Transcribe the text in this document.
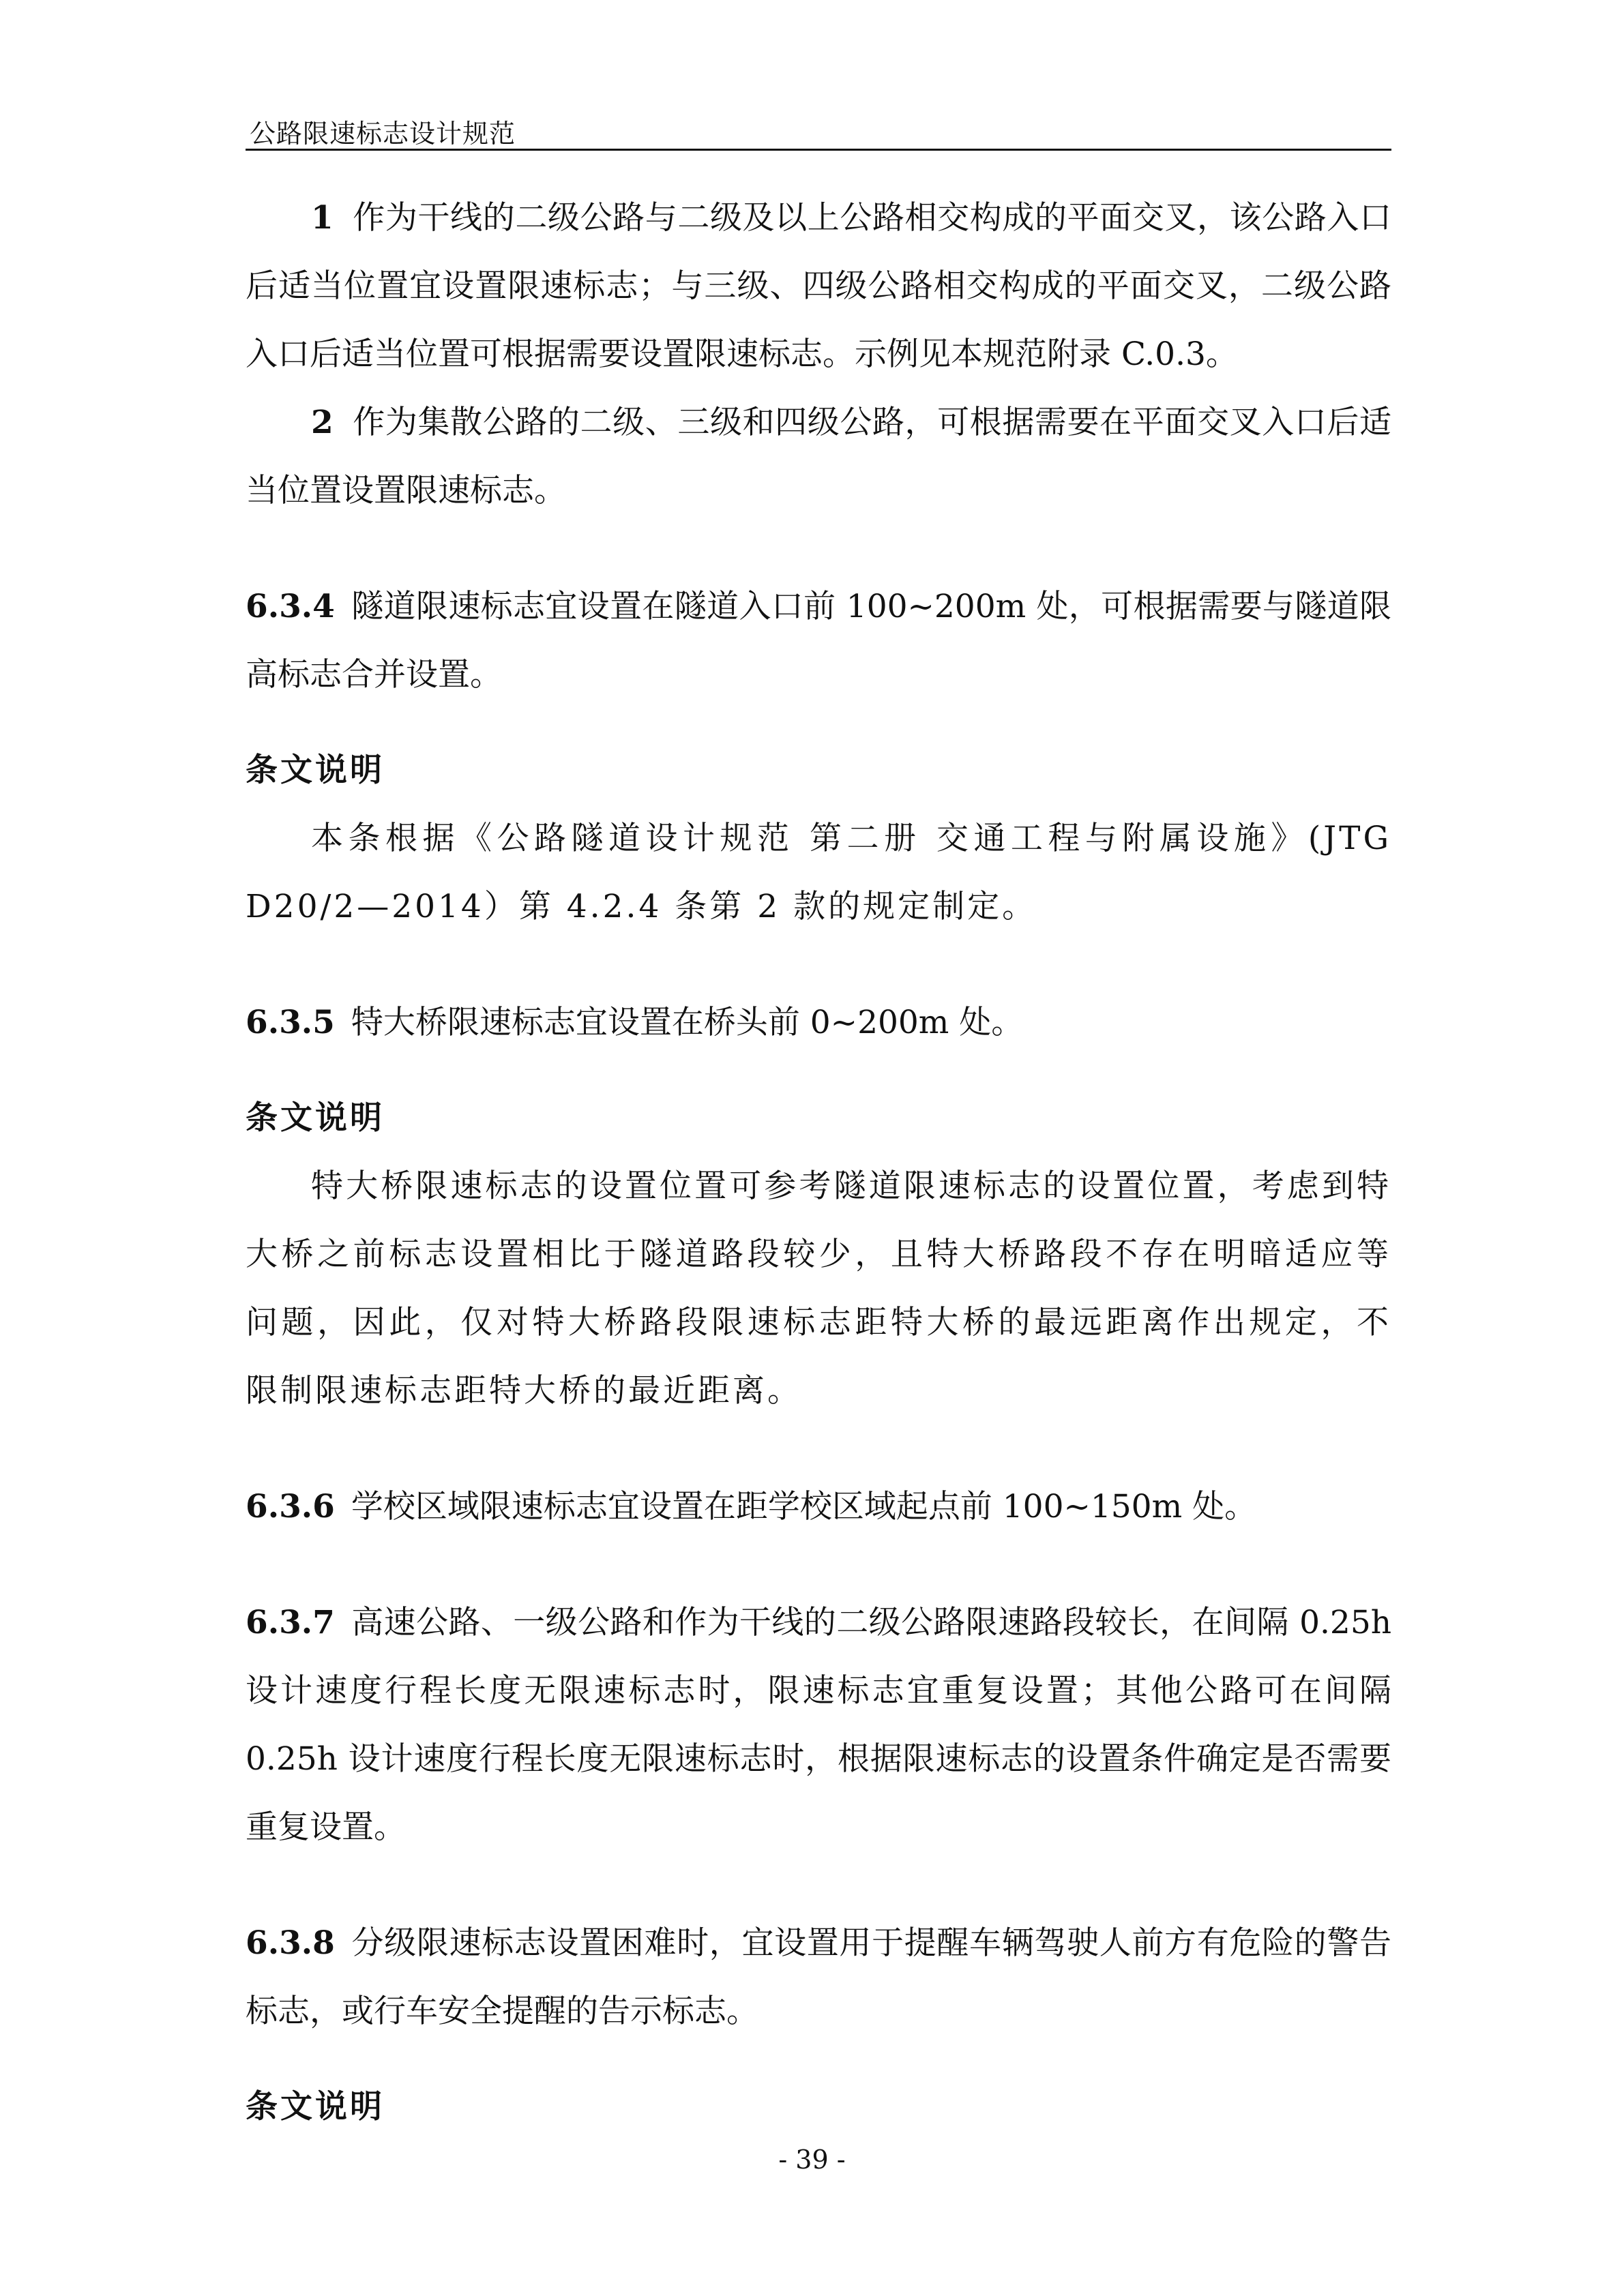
公路限速标志设计规范

1 作为干线的二级公路与二级及以上公路相交构成的平面交叉，该公路入口后适当位置宜设置限速标志；与三级、四级公路相交构成的平面交叉，二级公路入口后适当位置可根据需要设置限速标志。示例见本规范附录 C.0.3。

2 作为集散公路的二级、三级和四级公路，可根据需要在平面交叉入口后适当位置设置限速标志。

6.3.4 隧道限速标志宜设置在隧道入口前 100~200m 处，可根据需要与隧道限高标志合并设置。

条文说明

本条根据《公路隧道设计规范 第二册 交通工程与附属设施》(JTG D20/2—2014）第 4.2.4 条第 2 款的规定制定。

6.3.5 特大桥限速标志宜设置在桥头前 0~200m 处。

条文说明

特大桥限速标志的设置位置可参考隧道限速标志的设置位置，考虑到特大桥之前标志设置相比于隧道路段较少，且特大桥路段不存在明暗适应等问题，因此，仅对特大桥路段限速标志距特大桥的最远距离作出规定，不限制限速标志距特大桥的最近距离。

6.3.6 学校区域限速标志宜设置在距学校区域起点前 100~150m 处。

6.3.7 高速公路、一级公路和作为干线的二级公路限速路段较长，在间隔 0.25h 设计速度行程长度无限速标志时，限速标志宜重复设置；其他公路可在间隔 0.25h 设计速度行程长度无限速标志时，根据限速标志的设置条件确定是否需要重复设置。

6.3.8 分级限速标志设置困难时，宜设置用于提醒车辆驾驶人前方有危险的警告标志，或行车安全提醒的告示标志。

条文说明

- 39 -
